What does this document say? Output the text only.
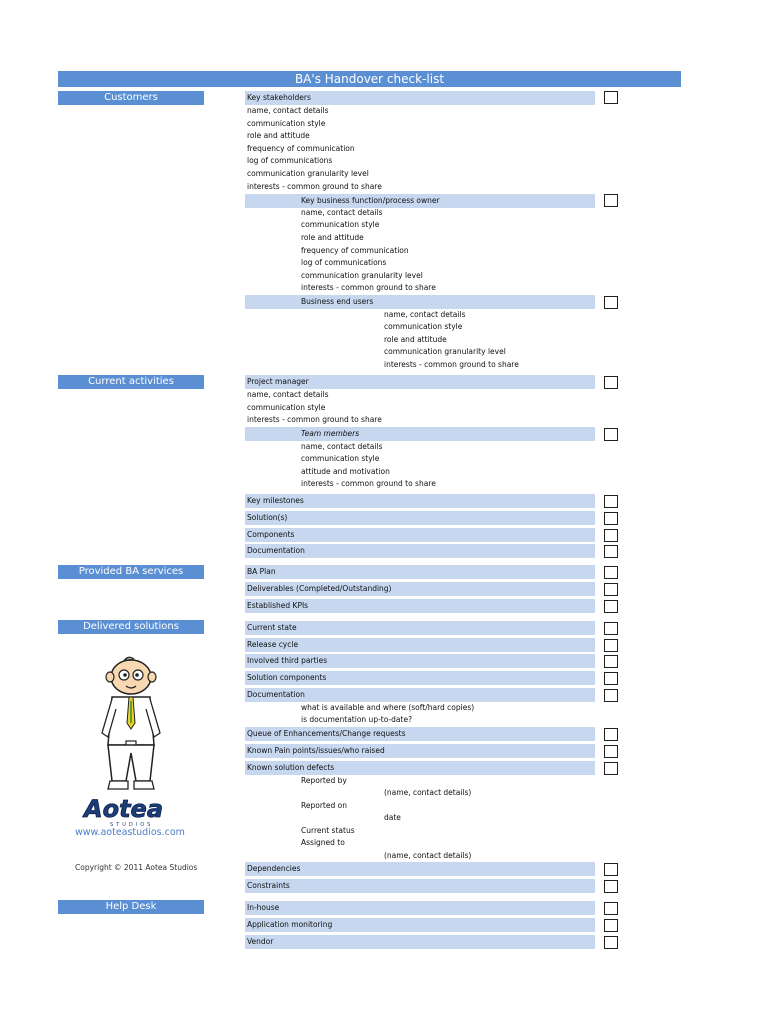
BA's Handover check-list
Customers
Current activities
Provided BA services
Delivered solutions
Help Desk
Key stakeholders
name, contact details
communication style
role and attitude
frequency of communication
log of communications
communication granularity level
interests - common ground to share
Key business function/process owner
name, contact details
communication style
role and attitude
frequency of communication
log of communications
communication granularity level
interests - common ground to share
Business end users
name, contact details
communication style
role and attitude
communication granularity level
interests - common ground to share
Project manager
name, contact details
communication style
interests - common ground to share
Team members
name, contact details
communication style
attitude and motivation
interests - common ground to share
Key milestones
Solution(s)
Components
Documentation
BA Plan
Deliverables (Completed/Outstanding)
Established KPIs
Current state
Release cycle
Involved third parties
Solution components
Documentation
what is available and where (soft/hard copies)
is documentation up-to-date?
Queue of Enhancements/Change requests
Known Pain points/issues/who raised
Known solution defects
Reported by
(name, contact details)
Reported on
date
Current status
Assigned to
(name, contact details)
Dependencies
Constraints
In-house
Application monitoring
Vendor
Aotea
STUDIOS
www.aoteastudios.com
Copyright © 2011 Aotea Studios
